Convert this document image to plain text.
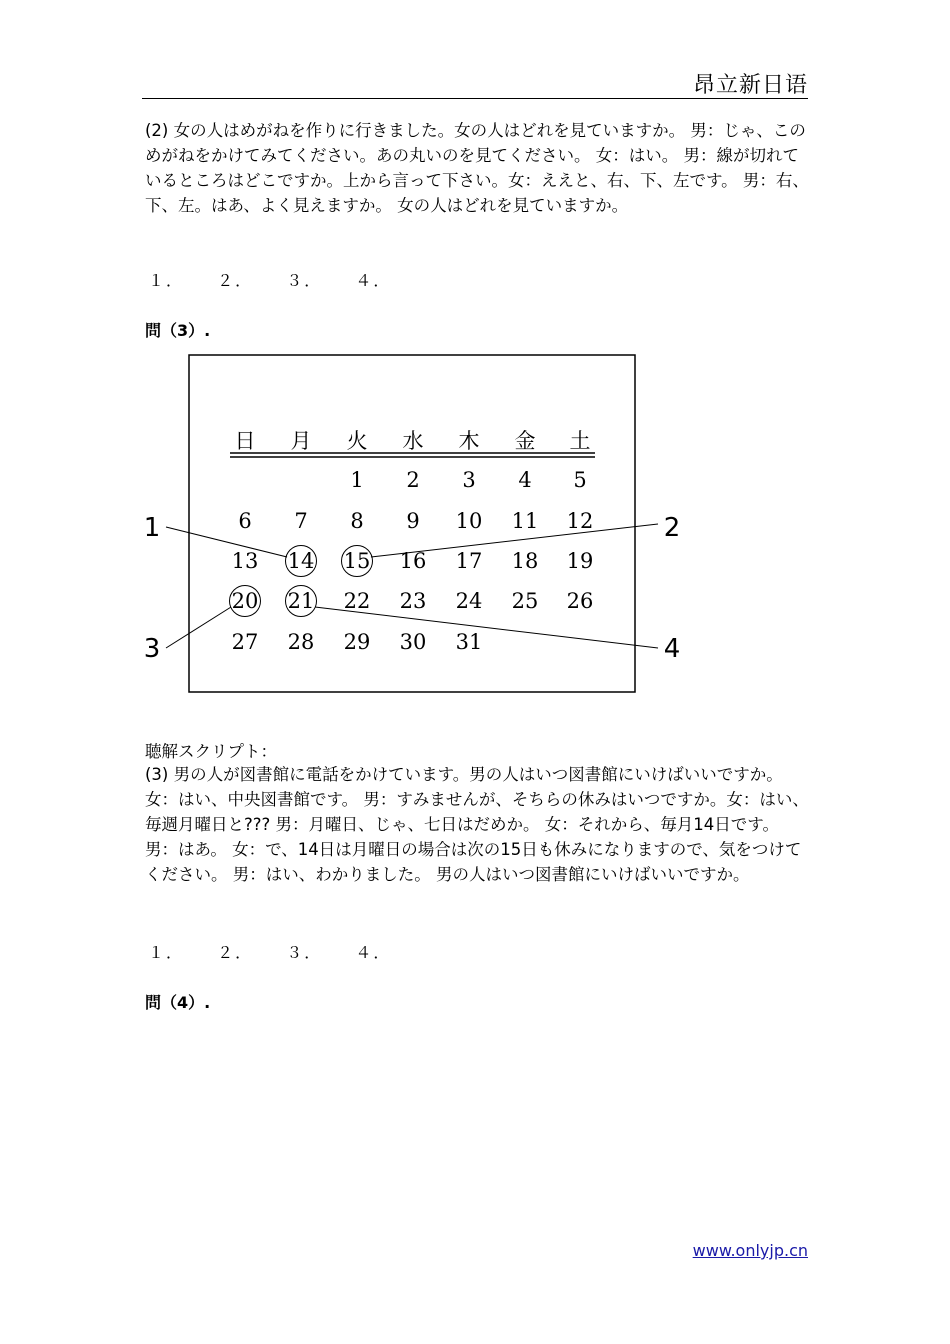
昂立新日语

(2) 女の人はめがねを作りに行きました。女の人はどれを見ていますか。 男：じゃ、このめがねをかけてみてください。あの丸いのを見てください。 女：はい。 男：線が切れているところはどこですか。上から言って下さい。女：ええと、右、下、左です。 男：右、下、左。はあ、よく見えますか。 女の人はどれを見ていますか。

１． ２． ３． ４．
問（3）.
日 月 火 水 木 金 土
1 2 3 4 5
6 7 8 9 10 11 12
13 14 15 16 17 18 19
20 21 22 23 24 25 26
27 28 29 30 31
1	2
3	4
聴解スクリプト：

(3) 男の人が図書館に電話をかけています。男の人はいつ図書館にいけばいいですか。 女：はい、中央図書館です。 男：すみませんが、そちらの休みはいつですか。女：はい、毎週月曜日と??? 男：月曜日、じゃ、七日はだめか。 女：それから、毎月14日です。 男：はあ。 女：で、14日は月曜日の場合は次の15日も休みになりますので、気をつけてください。 男：はい、わかりました。 男の人はいつ図書館にいけばいいですか。

１． ２． ３． ４．
問（4）.
www.onlyjp.cn
